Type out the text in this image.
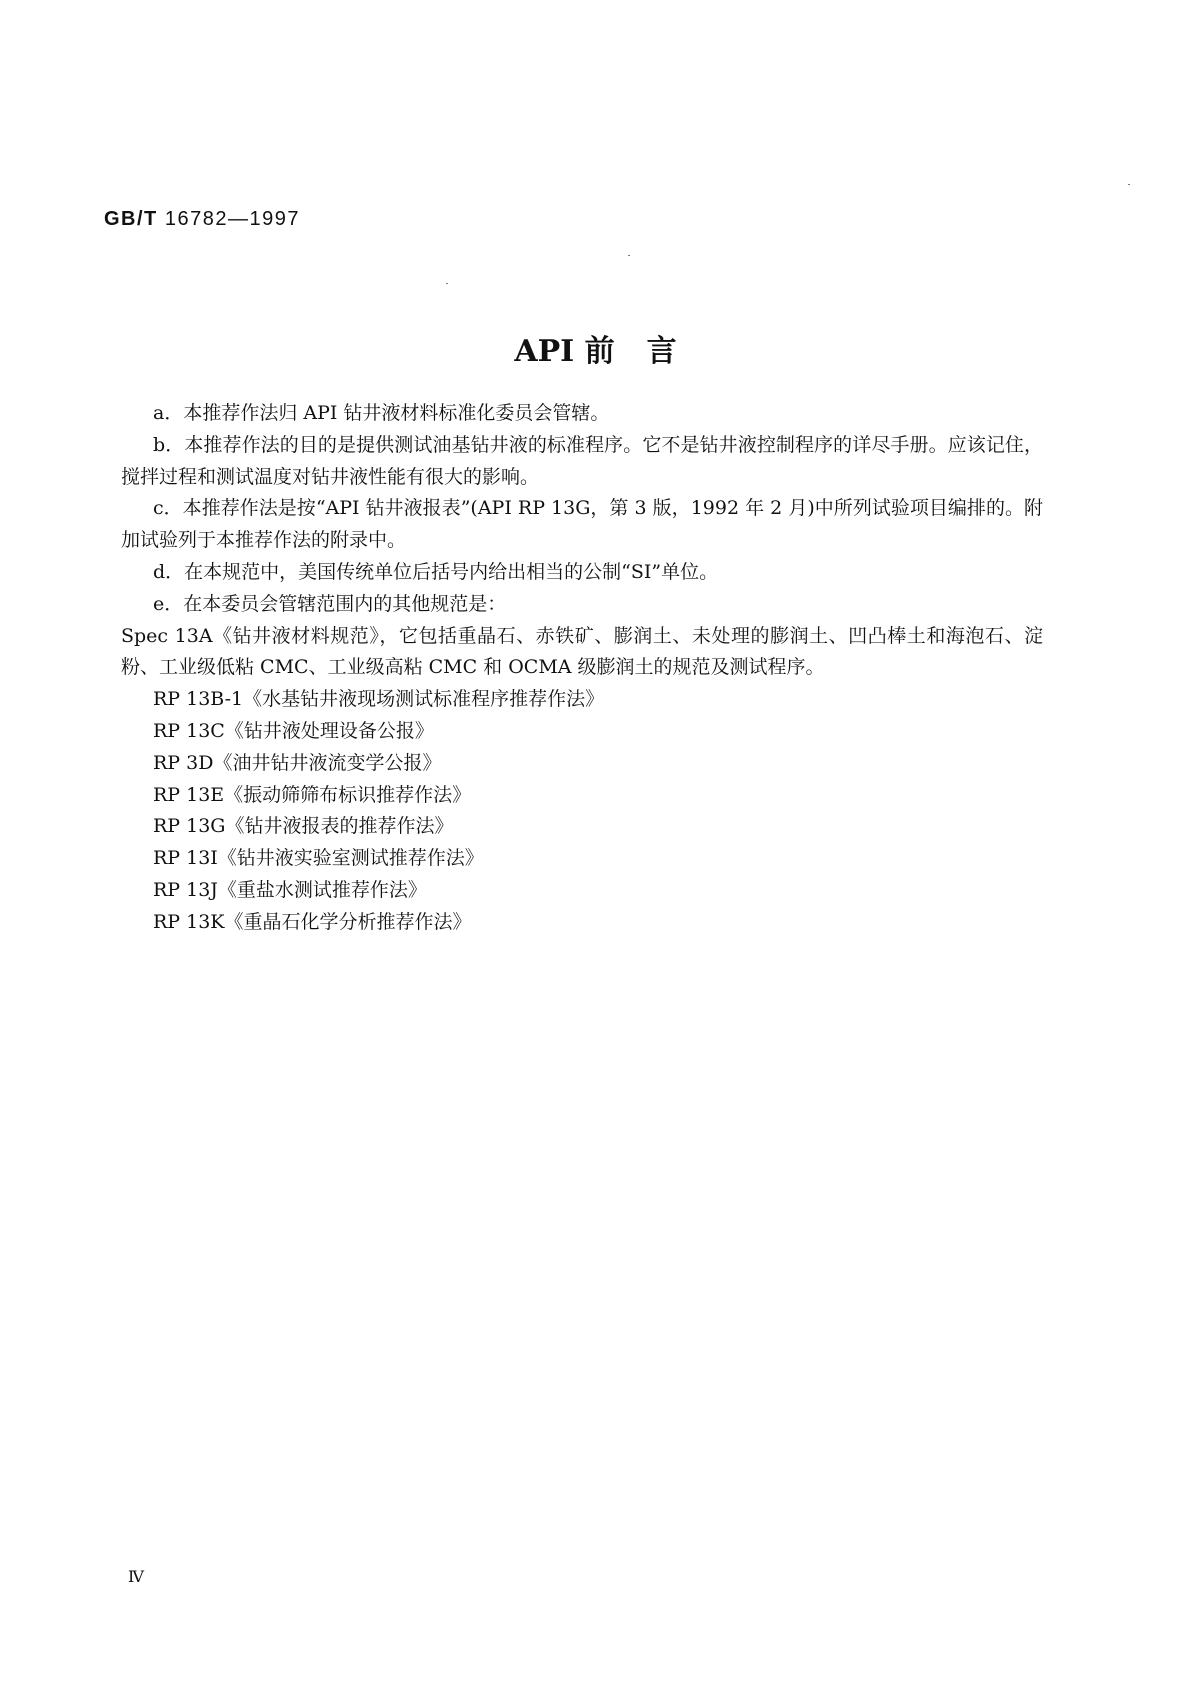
GB/T 16782—1997
API 前 言

a．本推荐作法归 API 钻井液材料标准化委员会管辖。

b．本推荐作法的目的是提供测试油基钻井液的标准程序。它不是钻井液控制程序的详尽手册。应该记住，搅拌过程和测试温度对钻井液性能有很大的影响。

c．本推荐作法是按“API 钻井液报表”(API RP 13G，第 3 版，1992 年 2 月)中所列试验项目编排的。附加试验列于本推荐作法的附录中。

d．在本规范中，美国传统单位后括号内给出相当的公制“SI”单位。

e．在本委员会管辖范围内的其他规范是：

Spec 13A《钻井液材料规范》，它包括重晶石、赤铁矿、膨润土、未处理的膨润土、凹凸棒土和海泡石、淀粉、工业级低粘 CMC、工业级高粘 CMC 和 OCMA 级膨润土的规范及测试程序。

RP 13B-1《水基钻井液现场测试标准程序推荐作法》

RP 13C《钻井液处理设备公报》

RP 3D《油井钻井液流变学公报》

RP 13E《振动筛筛布标识推荐作法》

RP 13G《钻井液报表的推荐作法》

RP 13I《钻井液实验室测试推荐作法》

RP 13J《重盐水测试推荐作法》

RP 13K《重晶石化学分析推荐作法》

Ⅳ
